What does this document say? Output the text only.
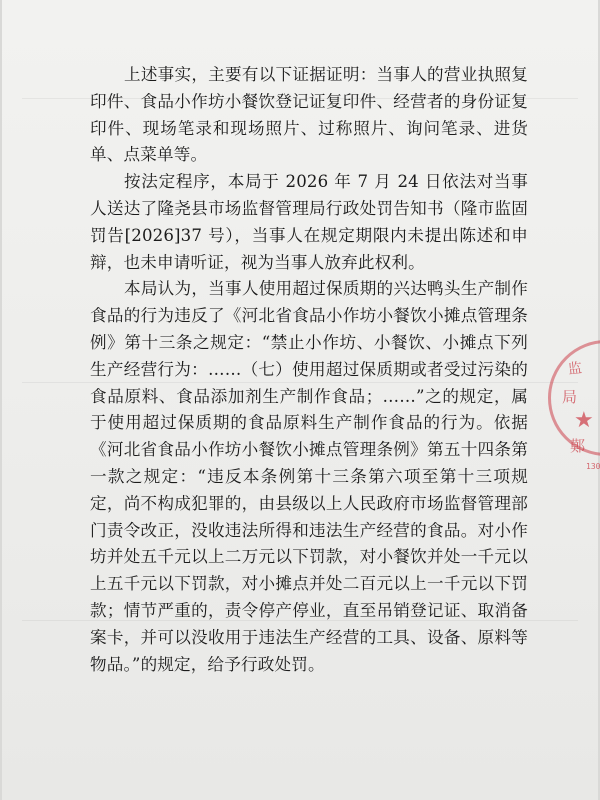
上述事实，主要有以下证据证明：当事人的营业执照复印件、食品小作坊小餐饮登记证复印件、经营者的身份证复印件、现场笔录和现场照片、过称照片、询问笔录、进货单、点菜单等。

按法定程序，本局于 2026 年 7 月 24 日依法对当事人送达了隆尧县市场监督管理局行政处罚告知书（隆市监固罚告[2026]37 号），当事人在规定期限内未提出陈述和申辩，也未申请听证，视为当事人放弃此权利。

本局认为，当事人使用超过保质期的兴达鸭头生产制作食品的行为违反了《河北省食品小作坊小餐饮小摊点管理条例》第十三条之规定：“禁止小作坊、小餐饮、小摊点下列生产经营行为：……（七）使用超过保质期或者受过污染的食品原料、食品添加剂生产制作食品；……”之的规定，属于使用超过保质期的食品原料生产制作食品的行为。依据《河北省食品小作坊小餐饮小摊点管理条例》第五十四条第一款之规定：“违反本条例第十三条第六项至第十三项规定，尚不构成犯罪的，由县级以上人民政府市场监督管理部门责令改正，没收违法所得和违法生产经营的食品。对小作坊并处五千元以上二万元以下罚款，对小餐饮并处一千元以上五千元以下罚款，对小摊点并处二百元以上一千元以下罚款；情节严重的，责令停产停业，直至吊销登记证、取消备案卡，并可以没收用于违法生产经营的工具、设备、原料等物品。”的规定，给予行政处罚。

监
局
★
鄚
130
